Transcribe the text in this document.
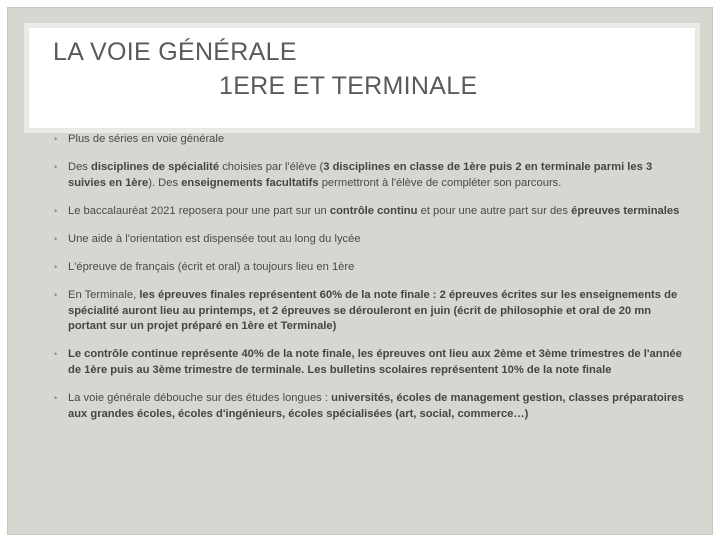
LA VOIE GÉNÉRALE
1ERE ET TERMINALE
• Plus de séries en voie générale
• Des disciplines de spécialité choisies par l'élève (3 disciplines en classe de 1ère puis 2 en terminale parmi les 3 suivies en 1ère). Des enseignements facultatifs permettront à l'élève de compléter son parcours.
• Le baccalauréat 2021 reposera pour une part sur un contrôle continu et pour une autre part sur des épreuves terminales
• Une aide à l'orientation est dispensée tout au long du lycée
• L'épreuve de français (écrit et oral) a toujours lieu en 1ère
• En Terminale, les épreuves finales représentent 60% de la note finale : 2 épreuves écrites sur les enseignements de spécialité auront lieu au printemps, et 2 épreuves se dérouleront en juin (écrit de philosophie et oral de 20 mn portant sur un projet préparé en 1ère et Terminale)
• Le contrôle continue représente 40% de la note finale, les épreuves ont lieu aux 2ème et 3ème trimestres de l'année de 1ère puis au 3ème trimestre de terminale. Les bulletins scolaires représentent 10% de la note finale
• La voie générale débouche sur des études longues : universités, écoles de management gestion, classes préparatoires aux grandes écoles, écoles d'ingénieurs, écoles spécialisées (art, social, commerce…)
